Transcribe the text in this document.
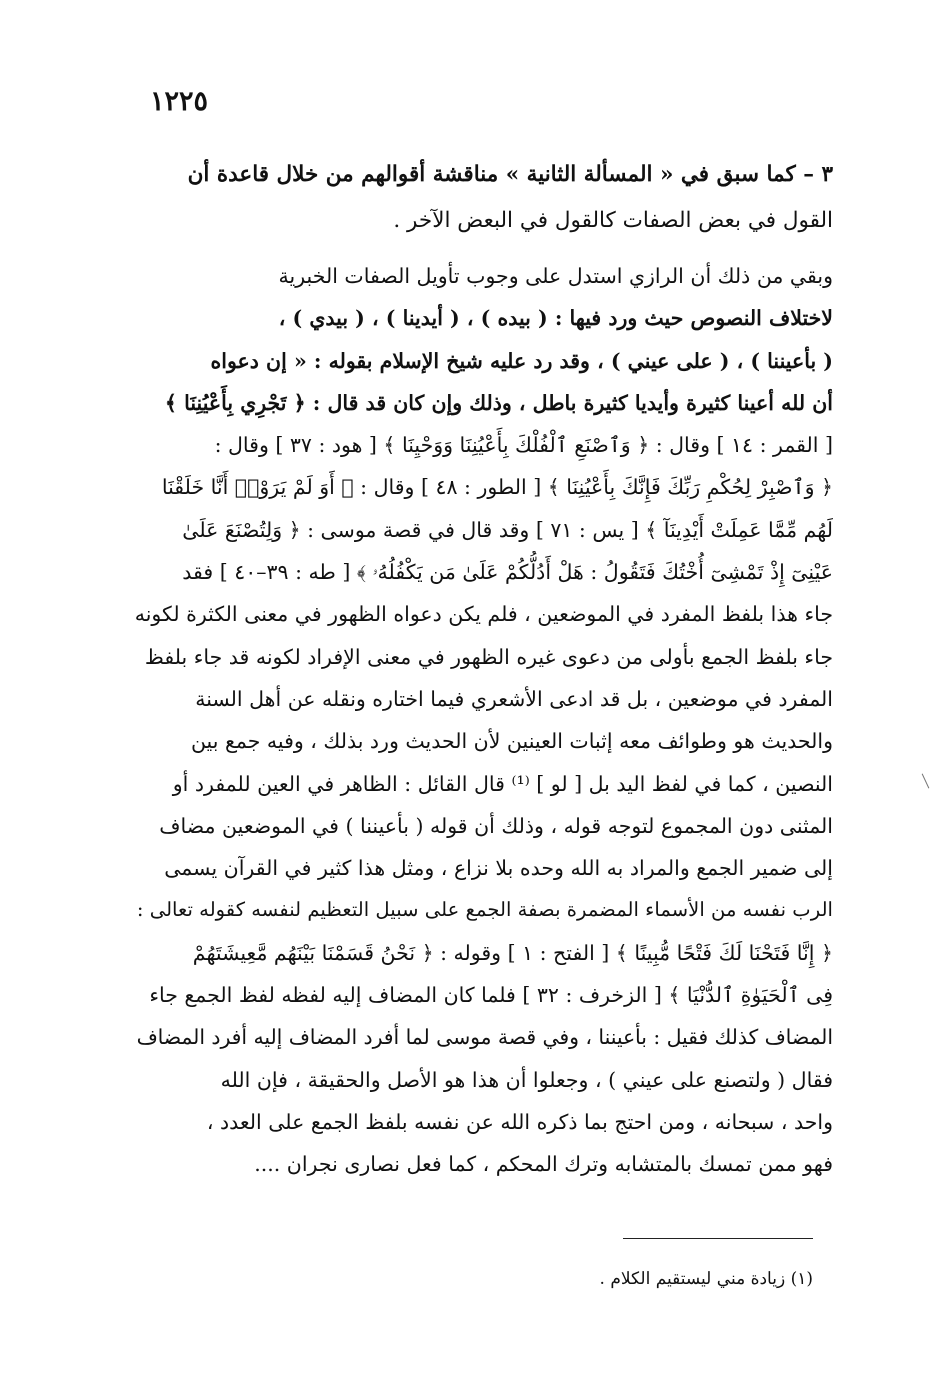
١٢٢٥
٣ – كما سبق في « المسألة الثانية » مناقشة أقوالهم من خلال قاعدة أن
القول في بعض الصفات كالقول في البعض الآخر .
وبقي من ذلك أن الرازي استدل على وجوب تأويل الصفات الخبرية
لاختلاف النصوص حيث ورد فيها : ( بيده ) ، ( أيدينا ) ، ( بيدي ) ،
( بأعيننا ) ، ( على عيني ) ، وقد رد عليه شيخ الإسلام بقوله : « إن دعواه
أن لله أعينا كثيرة وأيديا كثيرة باطل ، وذلك وإن كان قد قال : ﴿ تَجْرِي بِأَعْيُنِنَا ﴾
[ القمر : ١٤ ] وقال : ﴿ وَٱصْنَعِ ٱلْفُلْكَ بِأَعْيُنِنَا وَوَحْيِنَا ﴾ [ هود : ٣٧ ] وقال :
﴿ وَٱصْبِرْ لِحُكْمِ رَبِّكَ فَإِنَّكَ بِأَعْيُنِنَا ﴾ [ الطور : ٤٨ ] وقال : ﴿ أَوَ لَمْ يَرَوْا۟ أَنَّا خَلَقْنَا
لَهُم مِّمَّا عَمِلَتْ أَيْدِينَآ ﴾ [ يس : ٧١ ] وقد قال في قصة موسى : ﴿ وَلِتُصْنَعَ عَلَىٰ
عَيْنِىٓ إِذْ تَمْشِىٓ أُخْتُكَ فَتَقُولُ : هَلْ أَدُلُّكُمْ عَلَىٰ مَن يَكْفُلُهُۥ ﴾ [ طه : ٣٩–٤٠ ] فقد
جاء هذا بلفظ المفرد في الموضعين ، فلم يكن دعواه الظهور في معنى الكثرة لكونه
جاء بلفظ الجمع بأولى من دعوى غيره الظهور في معنى الإفراد لكونه قد جاء بلفظ
المفرد في موضعين ، بل قد ادعى الأشعري فيما اختاره ونقله عن أهل السنة
والحديث هو وطوائف معه إثبات العينين لأن الحديث ورد بذلك ، وفيه جمع بين
النصين ، كما في لفظ اليد بل [ لو ] ⁽¹⁾ قال القائل : الظاهر في العين للمفرد أو
المثنى دون المجموع لتوجه قوله ، وذلك أن قوله ( بأعيننا ) في الموضعين مضاف
إلى ضمير الجمع والمراد به الله وحده بلا نزاع ، ومثل هذا كثير في القرآن يسمى
الرب نفسه من الأسماء المضمرة بصفة الجمع على سبيل التعظيم لنفسه كقوله تعالى :
﴿ إِنَّا فَتَحْنَا لَكَ فَتْحًا مُّبِينًا ﴾ [ الفتح : ١ ] وقوله : ﴿ نَحْنُ قَسَمْنَا بَيْنَهُم مَّعِيشَتَهُمْ
فِى ٱلْحَيَوٰةِ ٱلدُّنْيَا ﴾ [ الزخرف : ٣٢ ] فلما كان المضاف إليه لفظه لفظ الجمع جاء
المضاف كذلك فقيل : بأعيننا ، وفي قصة موسى لما أفرد المضاف إليه أفرد المضاف
فقال ( ولتصنع على عيني ) ، وجعلوا أن هذا هو الأصل والحقيقة ، فإن الله
واحد ، سبحانه ، ومن احتج بما ذكره الله عن نفسه بلفظ الجمع على العدد ،
فهو ممن تمسك بالمتشابه وترك المحكم ، كما فعل نصارى نجران ....
(١) زيادة مني ليستقيم الكلام .
